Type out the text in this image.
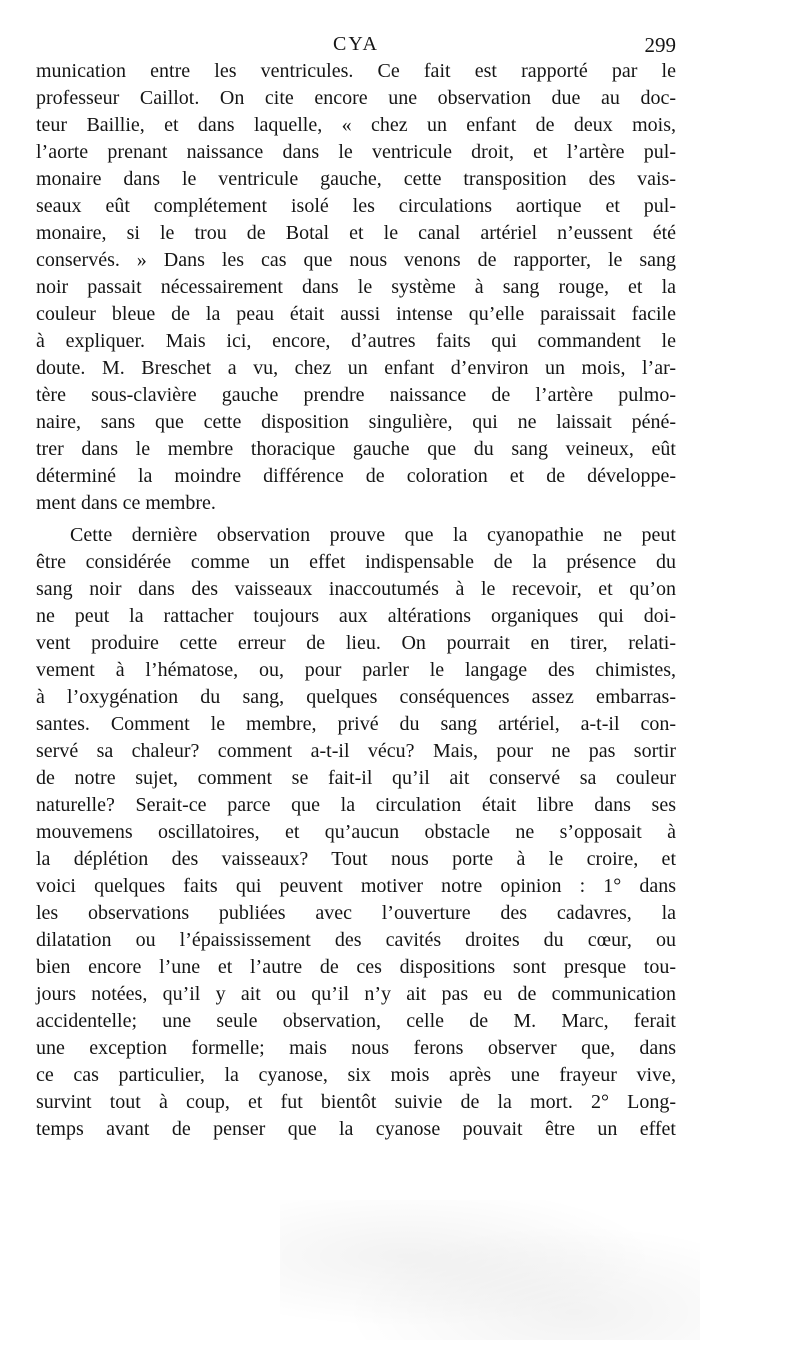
CYA	299
munication entre les ventricules. Ce fait est rapporté par le
professeur Caillot. On cite encore une observation due au doc-
teur Baillie, et dans laquelle, « chez un enfant de deux mois,
l’aorte prenant naissance dans le ventricule droit, et l’artère pul-
monaire dans le ventricule gauche, cette transposition des vais-
seaux eût complétement isolé les circulations aortique et pul-
monaire, si le trou de Botal et le canal artériel n’eussent été
conservés. » Dans les cas que nous venons de rapporter, le sang
noir passait nécessairement dans le système à sang rouge, et la
couleur bleue de la peau était aussi intense qu’elle paraissait facile
à expliquer. Mais ici, encore, d’autres faits qui commandent le
doute. M. Breschet a vu, chez un enfant d’environ un mois, l’ar-
tère sous-clavière gauche prendre naissance de l’artère pulmo-
naire, sans que cette disposition singulière, qui ne laissait péné-
trer dans le membre thoracique gauche que du sang veineux, eût
déterminé la moindre différence de coloration et de développe-
ment dans ce membre.
Cette dernière observation prouve que la cyanopathie ne peut
être considérée comme un effet indispensable de la présence du
sang noir dans des vaisseaux inaccoutumés à le recevoir, et qu’on
ne peut la rattacher toujours aux altérations organiques qui doi-
vent produire cette erreur de lieu. On pourrait en tirer, relati-
vement à l’hématose, ou, pour parler le langage des chimistes,
à l’oxygénation du sang, quelques conséquences assez embarras-
santes. Comment le membre, privé du sang artériel, a-t-il con-
servé sa chaleur? comment a-t-il vécu? Mais, pour ne pas sortir
de notre sujet, comment se fait-il qu’il ait conservé sa couleur
naturelle? Serait-ce parce que la circulation était libre dans ses
mouvemens oscillatoires, et qu’aucun obstacle ne s’opposait à
la déplétion des vaisseaux? Tout nous porte à le croire, et
voici quelques faits qui peuvent motiver notre opinion : 1° dans
les observations publiées avec l’ouverture des cadavres, la
dilatation ou l’épaississement des cavités droites du cœur, ou
bien encore l’une et l’autre de ces dispositions sont presque tou-
jours notées, qu’il y ait ou qu’il n’y ait pas eu de communication
accidentelle; une seule observation, celle de M. Marc, ferait
une exception formelle; mais nous ferons observer que, dans
ce cas particulier, la cyanose, six mois après une frayeur vive,
survint tout à coup, et fut bientôt suivie de la mort. 2° Long-
temps avant de penser que la cyanose pouvait être un effet
